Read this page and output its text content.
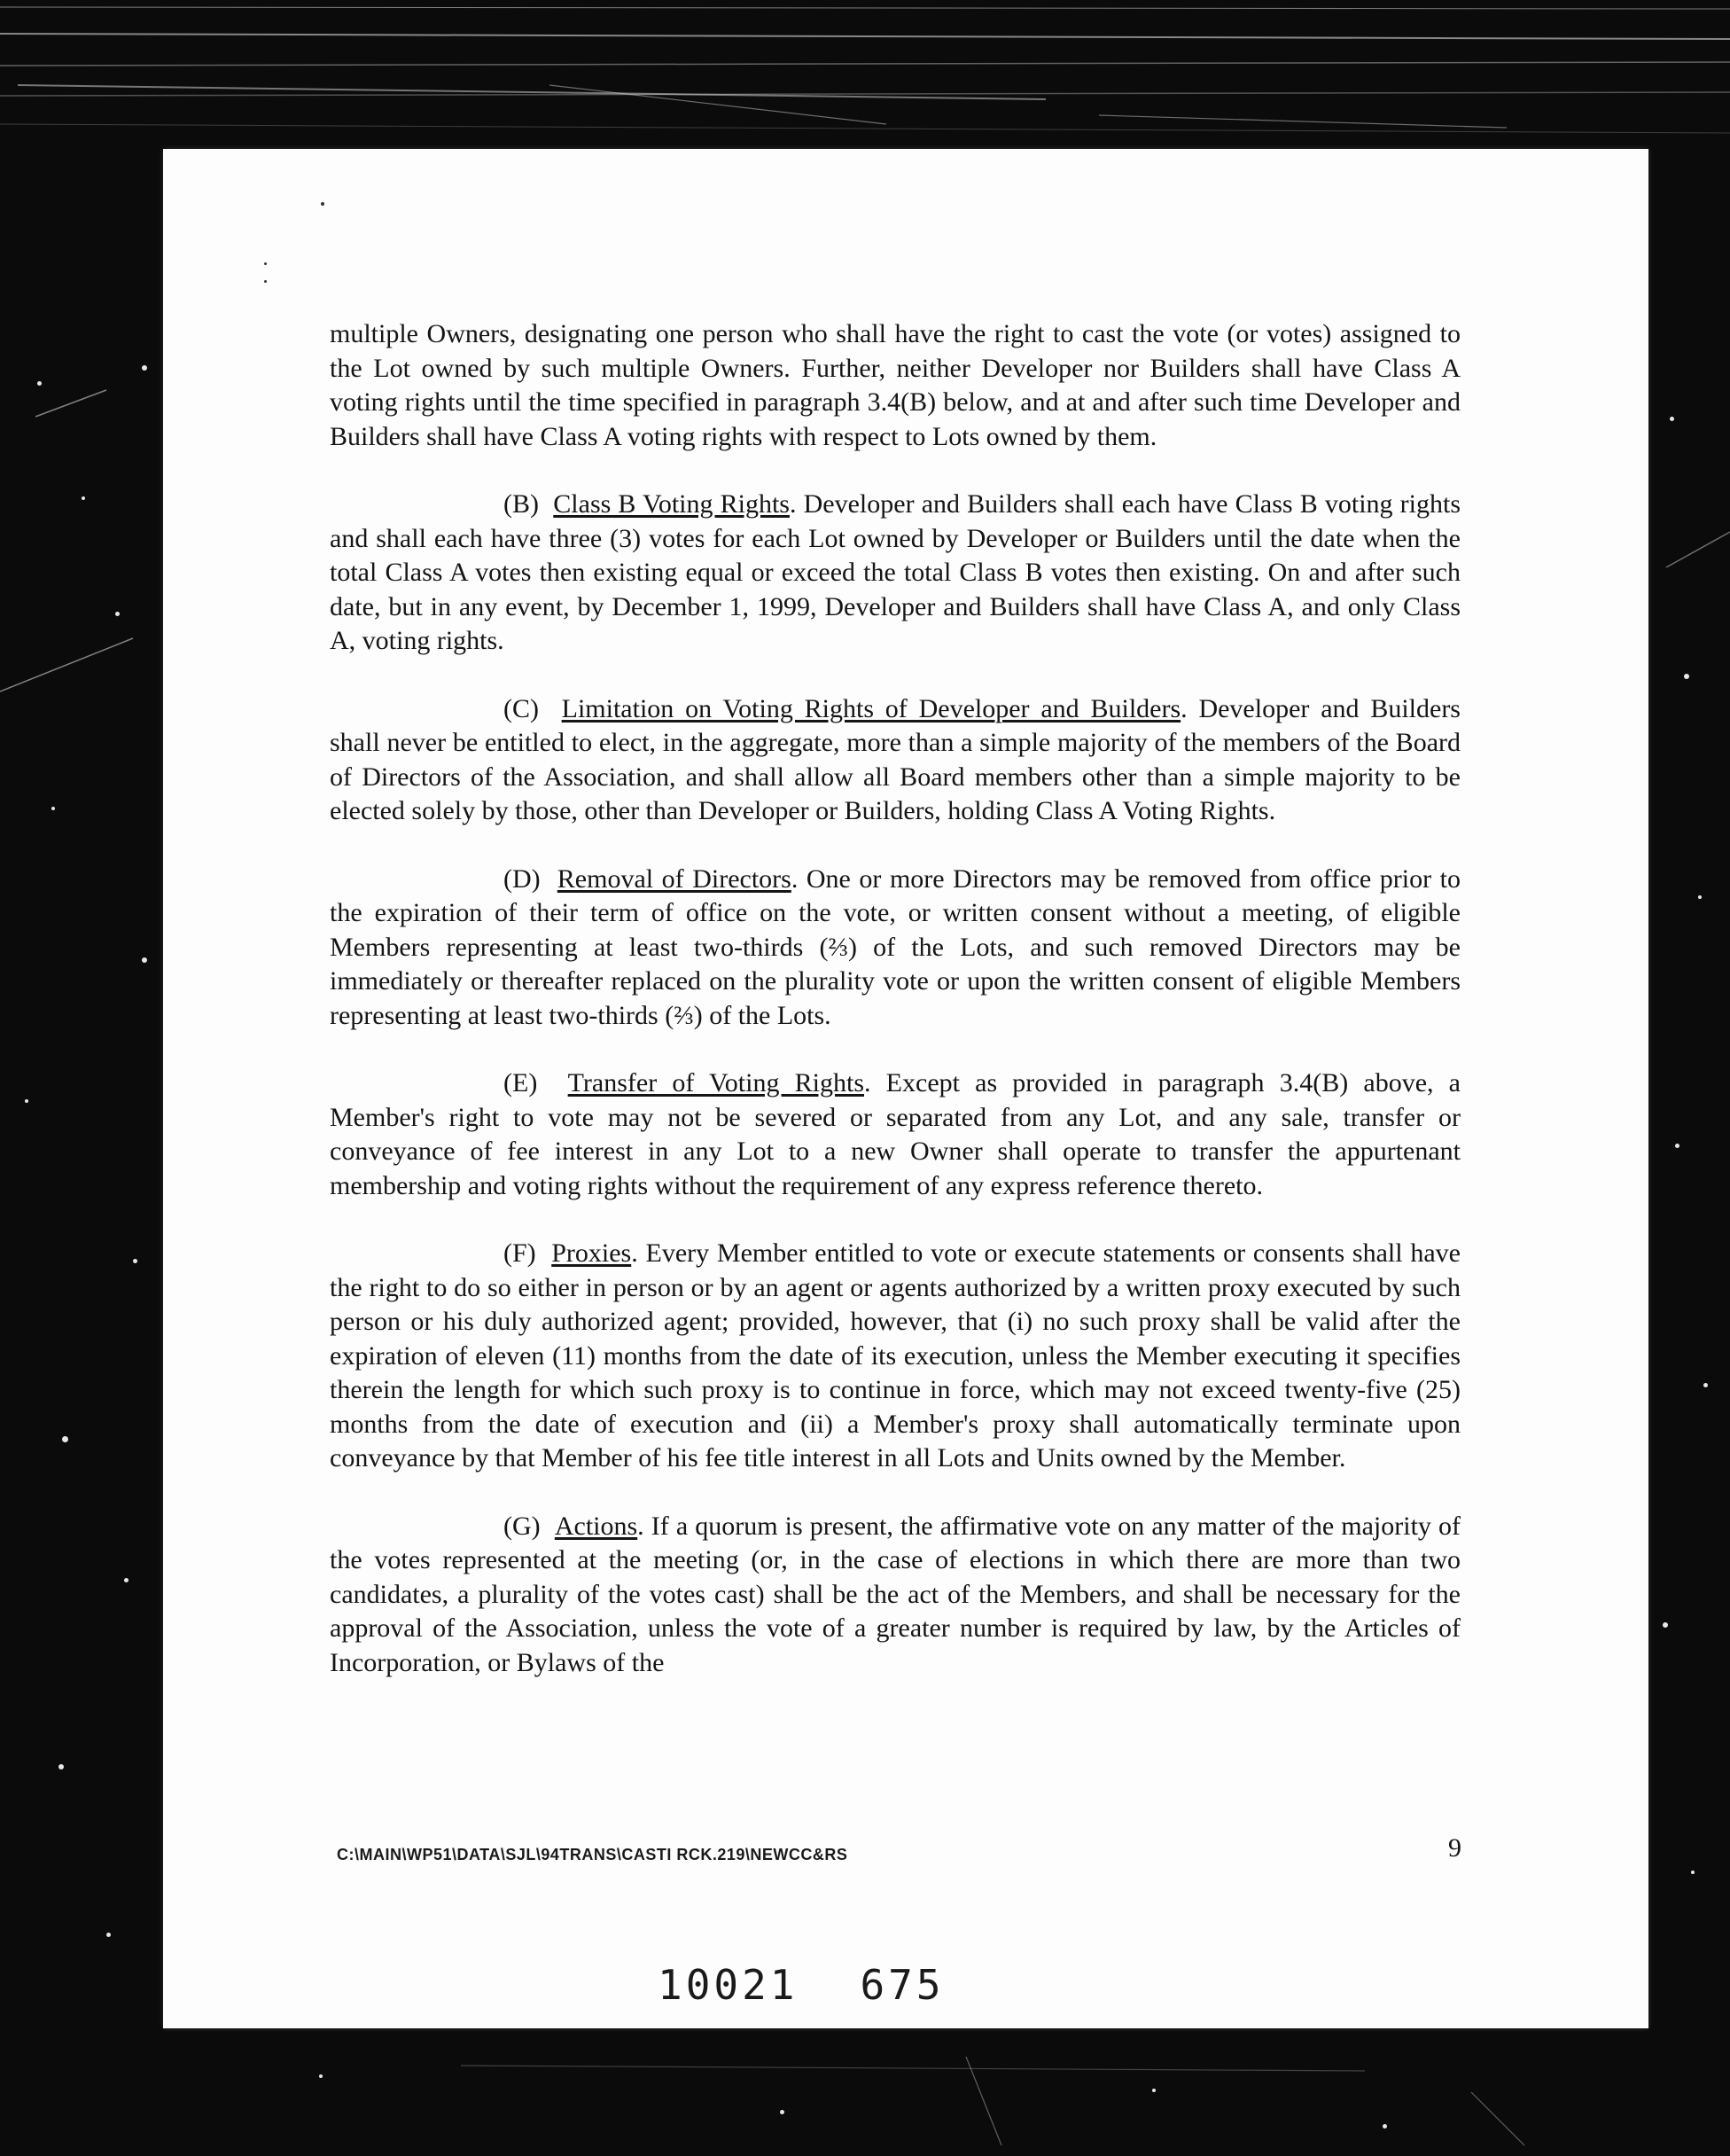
multiple Owners, designating one person who shall have the right to cast the vote (or votes) assigned to the Lot owned by such multiple Owners. Further, neither Developer nor Builders shall have Class A voting rights until the time specified in paragraph 3.4(B) below, and at and after such time Developer and Builders shall have Class A voting rights with respect to Lots owned by them.

(B) Class B Voting Rights. Developer and Builders shall each have Class B voting rights and shall each have three (3) votes for each Lot owned by Developer or Builders until the date when the total Class A votes then existing equal or exceed the total Class B votes then existing. On and after such date, but in any event, by December 1, 1999, Developer and Builders shall have Class A, and only Class A, voting rights.

(C) Limitation on Voting Rights of Developer and Builders. Developer and Builders shall never be entitled to elect, in the aggregate, more than a simple majority of the members of the Board of Directors of the Association, and shall allow all Board members other than a simple majority to be elected solely by those, other than Developer or Builders, holding Class A Voting Rights.

(D) Removal of Directors. One or more Directors may be removed from office prior to the expiration of their term of office on the vote, or written consent without a meeting, of eligible Members representing at least two-thirds (⅔) of the Lots, and such removed Directors may be immediately or thereafter replaced on the plurality vote or upon the written consent of eligible Members representing at least two-thirds (⅔) of the Lots.

(E) Transfer of Voting Rights. Except as provided in paragraph 3.4(B) above, a Member's right to vote may not be severed or separated from any Lot, and any sale, transfer or conveyance of fee interest in any Lot to a new Owner shall operate to transfer the appurtenant membership and voting rights without the requirement of any express reference thereto.

(F) Proxies. Every Member entitled to vote or execute statements or consents shall have the right to do so either in person or by an agent or agents authorized by a written proxy executed by such person or his duly authorized agent; provided, however, that (i) no such proxy shall be valid after the expiration of eleven (11) months from the date of its execution, unless the Member executing it specifies therein the length for which such proxy is to continue in force, which may not exceed twenty-five (25) months from the date of execution and (ii) a Member's proxy shall automatically terminate upon conveyance by that Member of his fee title interest in all Lots and Units owned by the Member.

(G) Actions. If a quorum is present, the affirmative vote on any matter of the majority of the votes represented at the meeting (or, in the case of elections in which there are more than two candidates, a plurality of the votes cast) shall be the act of the Members, and shall be necessary for the approval of the Association, unless the vote of a greater number is required by law, by the Articles of Incorporation, or Bylaws of the

C:\MAIN\WP51\DATA\SJL\94TRANS\CASTI RCK.219\NEWCC&RS	9
10021 675
